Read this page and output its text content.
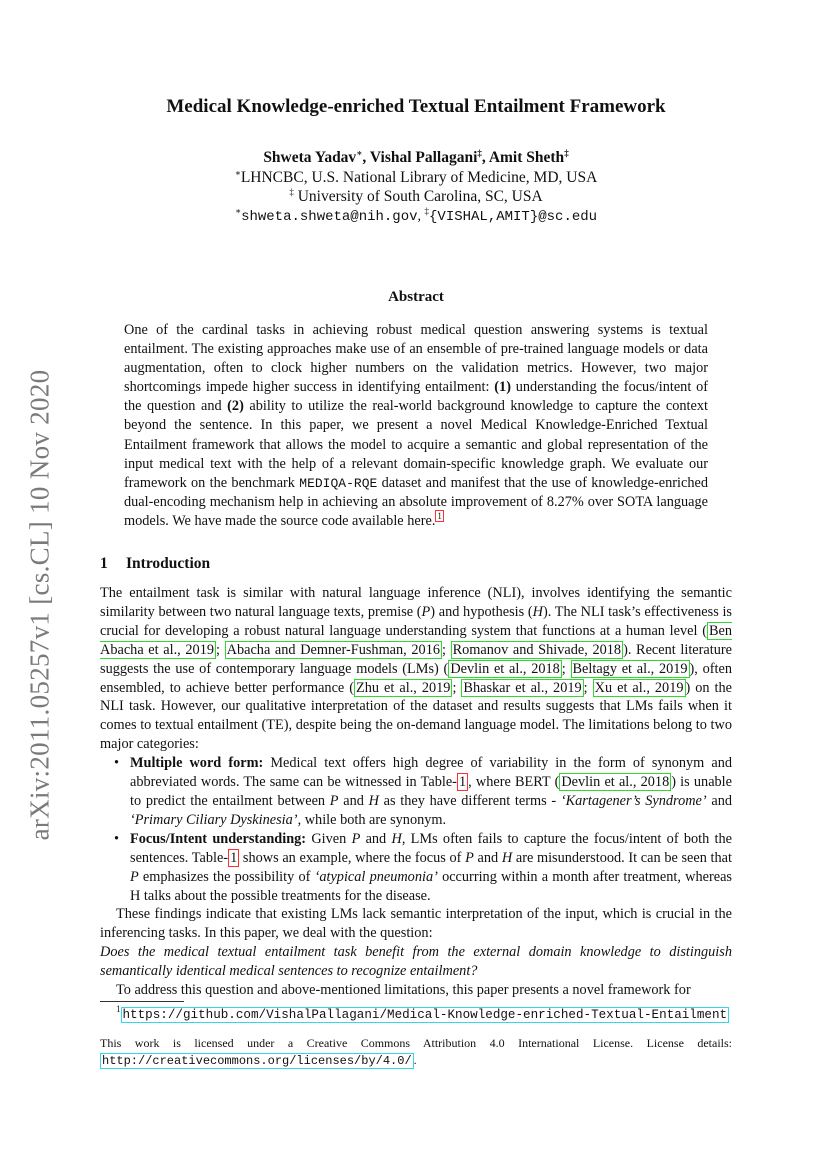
arXiv:2011.05257v1 [cs.CL] 10 Nov 2020
Medical Knowledge-enriched Textual Entailment Framework
Shweta Yadav∗, Vishal Pallagani‡, Amit Sheth‡
∗LHNCBC, U.S. National Library of Medicine, MD, USA
‡ University of South Carolina, SC, USA
∗shweta.shweta@nih.gov, ‡{VISHAL,AMIT}@sc.edu
Abstract
One of the cardinal tasks in achieving robust medical question answering systems is textual entailment. The existing approaches make use of an ensemble of pre-trained language models or data augmentation, often to clock higher numbers on the validation metrics. However, two major shortcomings impede higher success in identifying entailment: (1) understanding the focus/intent of the question and (2) ability to utilize the real-world background knowledge to capture the context beyond the sentence. In this paper, we present a novel Medical Knowledge-Enriched Textual Entailment framework that allows the model to acquire a semantic and global representation of the input medical text with the help of a relevant domain-specific knowledge graph. We evaluate our framework on the benchmark MEDIQA-RQE dataset and manifest that the use of knowledge-enriched dual-encoding mechanism help in achieving an absolute improvement of 8.27% over SOTA language models. We have made the source code available here. $^1$
1 Introduction

The entailment task is similar with natural language inference (NLI), involves identifying the semantic similarity between two natural language texts, premise (P) and hypothesis (H). The NLI task’s effectiveness is crucial for developing a robust natural language understanding system that functions at a human level ( Ben Abacha et al., 2019 ; Abacha and Demner-Fushman, 2016 ; Romanov and Shivade, 2018 ). Recent literature suggests the use of contemporary language models (LMs) ( Devlin et al., 2018 ; Beltagy et al., 2019 ), often ensembled, to achieve better performance ( Zhu et al., 2019 ; Bhaskar et al., 2019 ; Xu et al., 2019 ) on the NLI task. However, our qualitative interpretation of the dataset and results suggests that LMs fails when it comes to textual entailment (TE), despite being the on-demand language model. The limitations belong to two major categories:

• Multiple word form: Medical text offers high degree of variability in the form of synonym and abbreviated words. The same can be witnessed in Table- 1 , where BERT ( Devlin et al., 2018 ) is unable to predict the entailment between P and H as they have different terms - ‘Kartagener’s Syndrome’ and ‘Primary Ciliary Dyskinesia’, while both are synonym.

• Focus/Intent understanding: Given P and H, LMs often fails to capture the focus/intent of both the sentences. Table- 1 shows an example, where the focus of P and H are misunderstood. It can be seen that P emphasizes the possibility of ‘atypical pneumonia’ occurring within a month after treatment, whereas H talks about the possible treatments for the disease.

These findings indicate that existing LMs lack semantic interpretation of the input, which is crucial in the inferencing tasks. In this paper, we deal with the question:

Does the medical textual entailment task benefit from the external domain knowledge to distinguish semantically identical medical sentences to recognize entailment?

To address this question and above-mentioned limitations, this paper presents a novel framework for

$^1$ https://github.com/VishalPallagani/Medical-Knowledge-enriched-Textual-Entailment
This work is licensed under a Creative Commons Attribution 4.0 International License. License details: http://creativecommons.org/licenses/by/4.0/ .
